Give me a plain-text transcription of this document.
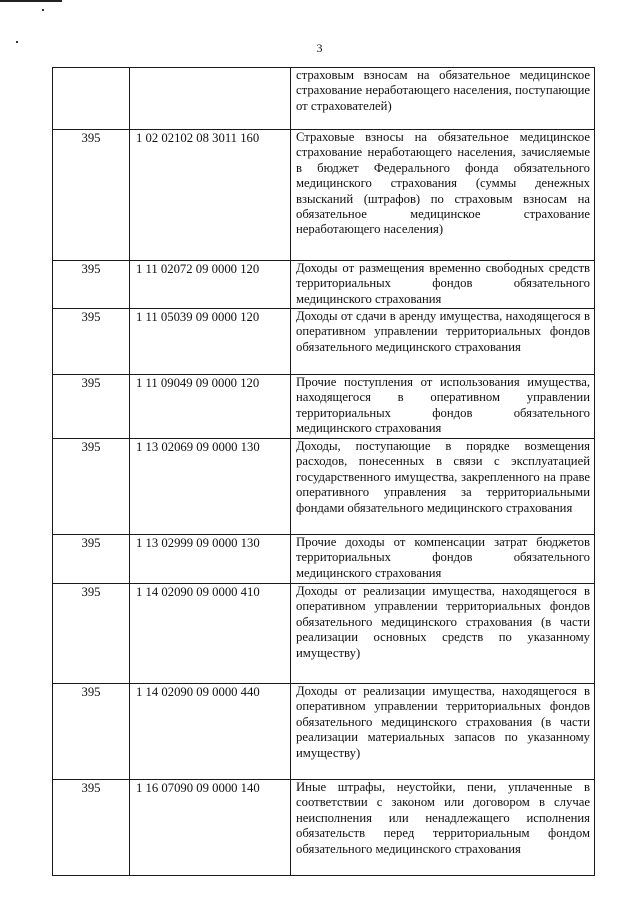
3
		страховым взносам на обязательное медицинское страхование неработающего населения, поступающие от страхователей)
395	1 02 02102 08 3011 160	Страховые взносы на обязательное медицинское страхование неработающего населения, зачисляемые в бюджет Федерального фонда обязательного медицинского страхования (суммы денежных взысканий (штрафов) по страховым взносам на обязательное медицинское страхование неработающего населения)
395	1 11 02072 09 0000 120	Доходы от размещения временно свободных средств территориальных фондов обязательного медицинского страхования
395	1 11 05039 09 0000 120	Доходы от сдачи в аренду имущества, находящегося в оперативном управлении территориальных фондов обязательного медицинского страхования
395	1 11 09049 09 0000 120	Прочие поступления от использования имущества, находящегося в оперативном управлении территориальных фондов обязательного медицинского страхования
395	1 13 02069 09 0000 130	Доходы, поступающие в порядке возмещения расходов, понесенных в связи с эксплуатацией государственного имущества, закрепленного на праве оперативного управления за территориальными фондами обязательного медицинского страхования
395	1 13 02999 09 0000 130	Прочие доходы от компенсации затрат бюджетов территориальных фондов обязательного медицинского страхования
395	1 14 02090 09 0000 410	Доходы от реализации имущества, находящегося в оперативном управлении территориальных фондов обязательного медицинского страхования (в части реализации основных средств по указанному имуществу)
395	1 14 02090 09 0000 440	Доходы от реализации имущества, находящегося в оперативном управлении территориальных фондов обязательного медицинского страхования (в части реализации материальных запасов по указанному имуществу)
395	1 16 07090 09 0000 140	Иные штрафы, неустойки, пени, уплаченные в соответствии с законом или договором в случае неисполнения или ненадлежащего исполнения обязательств перед территориальным фондом обязательного медицинского страхования
